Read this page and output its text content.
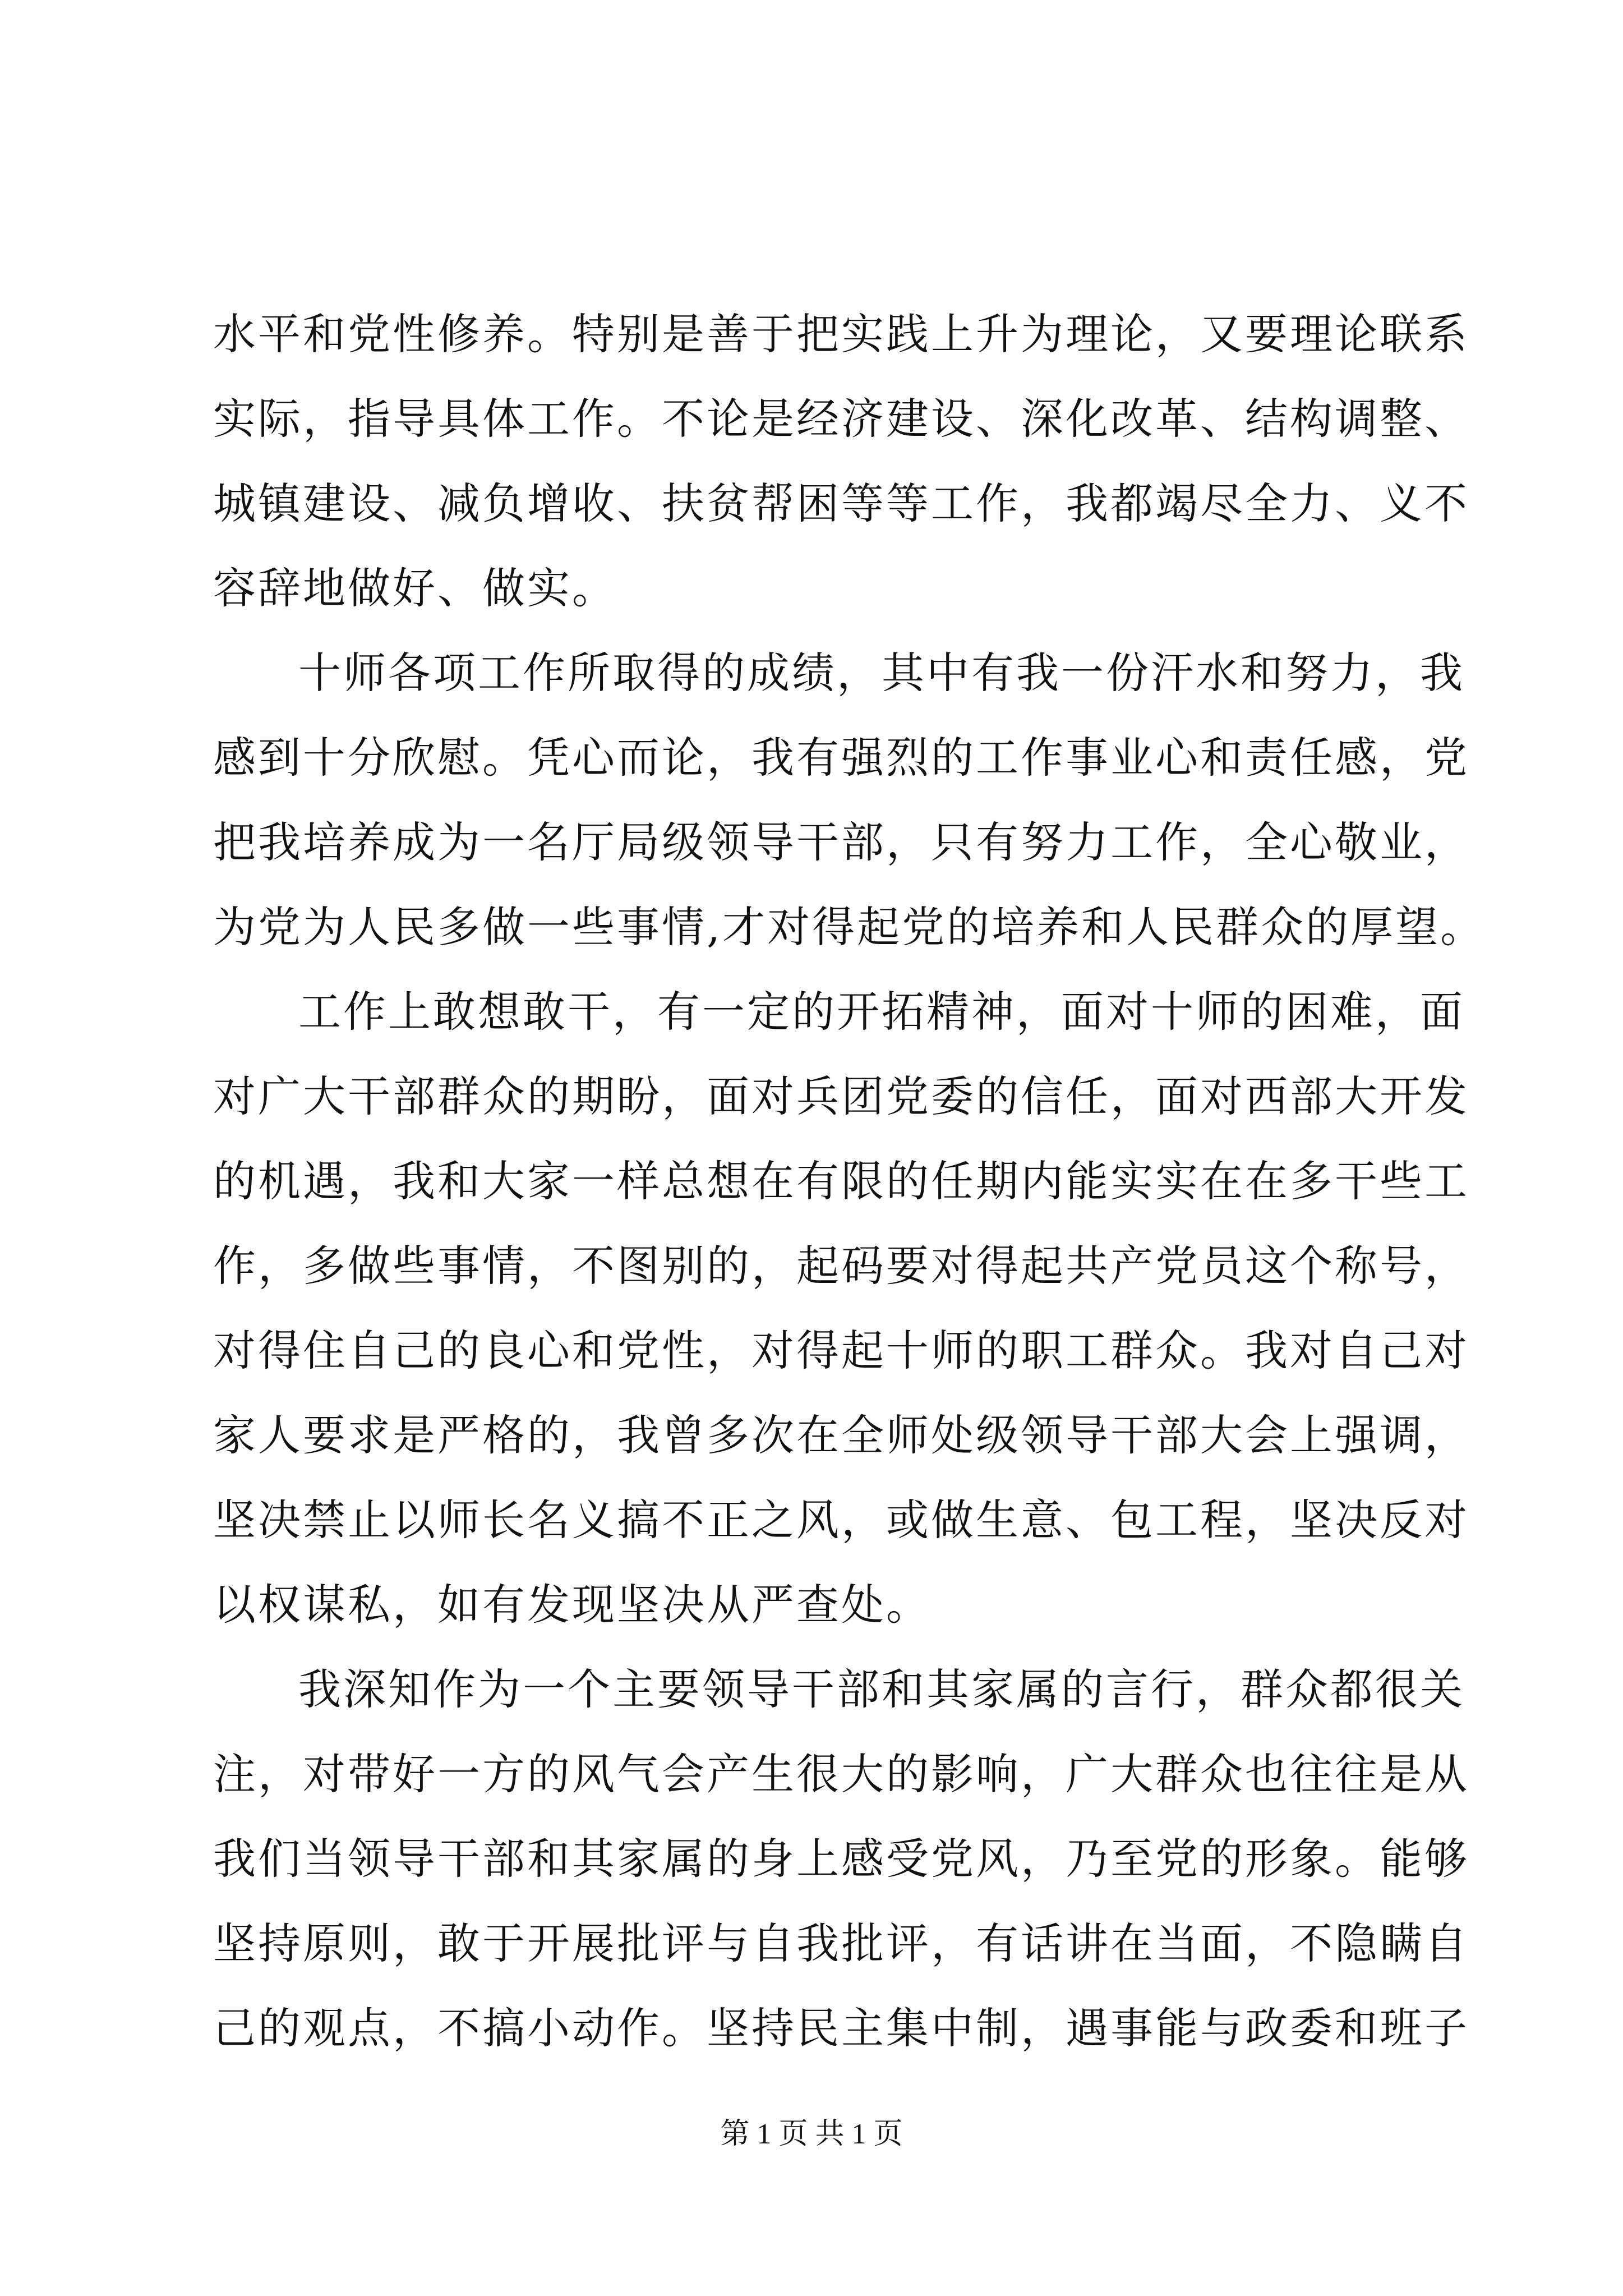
水平和党性修养。特别是善于把实践上升为理论，又要理论联系
实际，指导具体工作。不论是经济建设、深化改革、结构调整、
城镇建设、减负增收、扶贫帮困等等工作，我都竭尽全力、义不
容辞地做好、做实。
十师各项工作所取得的成绩，其中有我一份汗水和努力，我
感到十分欣慰。凭心而论，我有强烈的工作事业心和责任感，党
把我培养成为一名厅局级领导干部，只有努力工作，全心敬业，
为党为人民多做一些事情,才对得起党的培养和人民群众的厚望。
工作上敢想敢干，有一定的开拓精神，面对十师的困难，面
对广大干部群众的期盼，面对兵团党委的信任，面对西部大开发
的机遇，我和大家一样总想在有限的任期内能实实在在多干些工
作，多做些事情，不图别的，起码要对得起共产党员这个称号，
对得住自己的良心和党性，对得起十师的职工群众。我对自己对
家人要求是严格的，我曾多次在全师处级领导干部大会上强调，
坚决禁止以师长名义搞不正之风，或做生意、包工程，坚决反对
以权谋私，如有发现坚决从严查处。
我深知作为一个主要领导干部和其家属的言行，群众都很关
注，对带好一方的风气会产生很大的影响，广大群众也往往是从
我们当领导干部和其家属的身上感受党风，乃至党的形象。能够
坚持原则，敢于开展批评与自我批评，有话讲在当面，不隐瞒自
己的观点，不搞小动作。坚持民主集中制，遇事能与政委和班子
第 1 页 共 1 页
